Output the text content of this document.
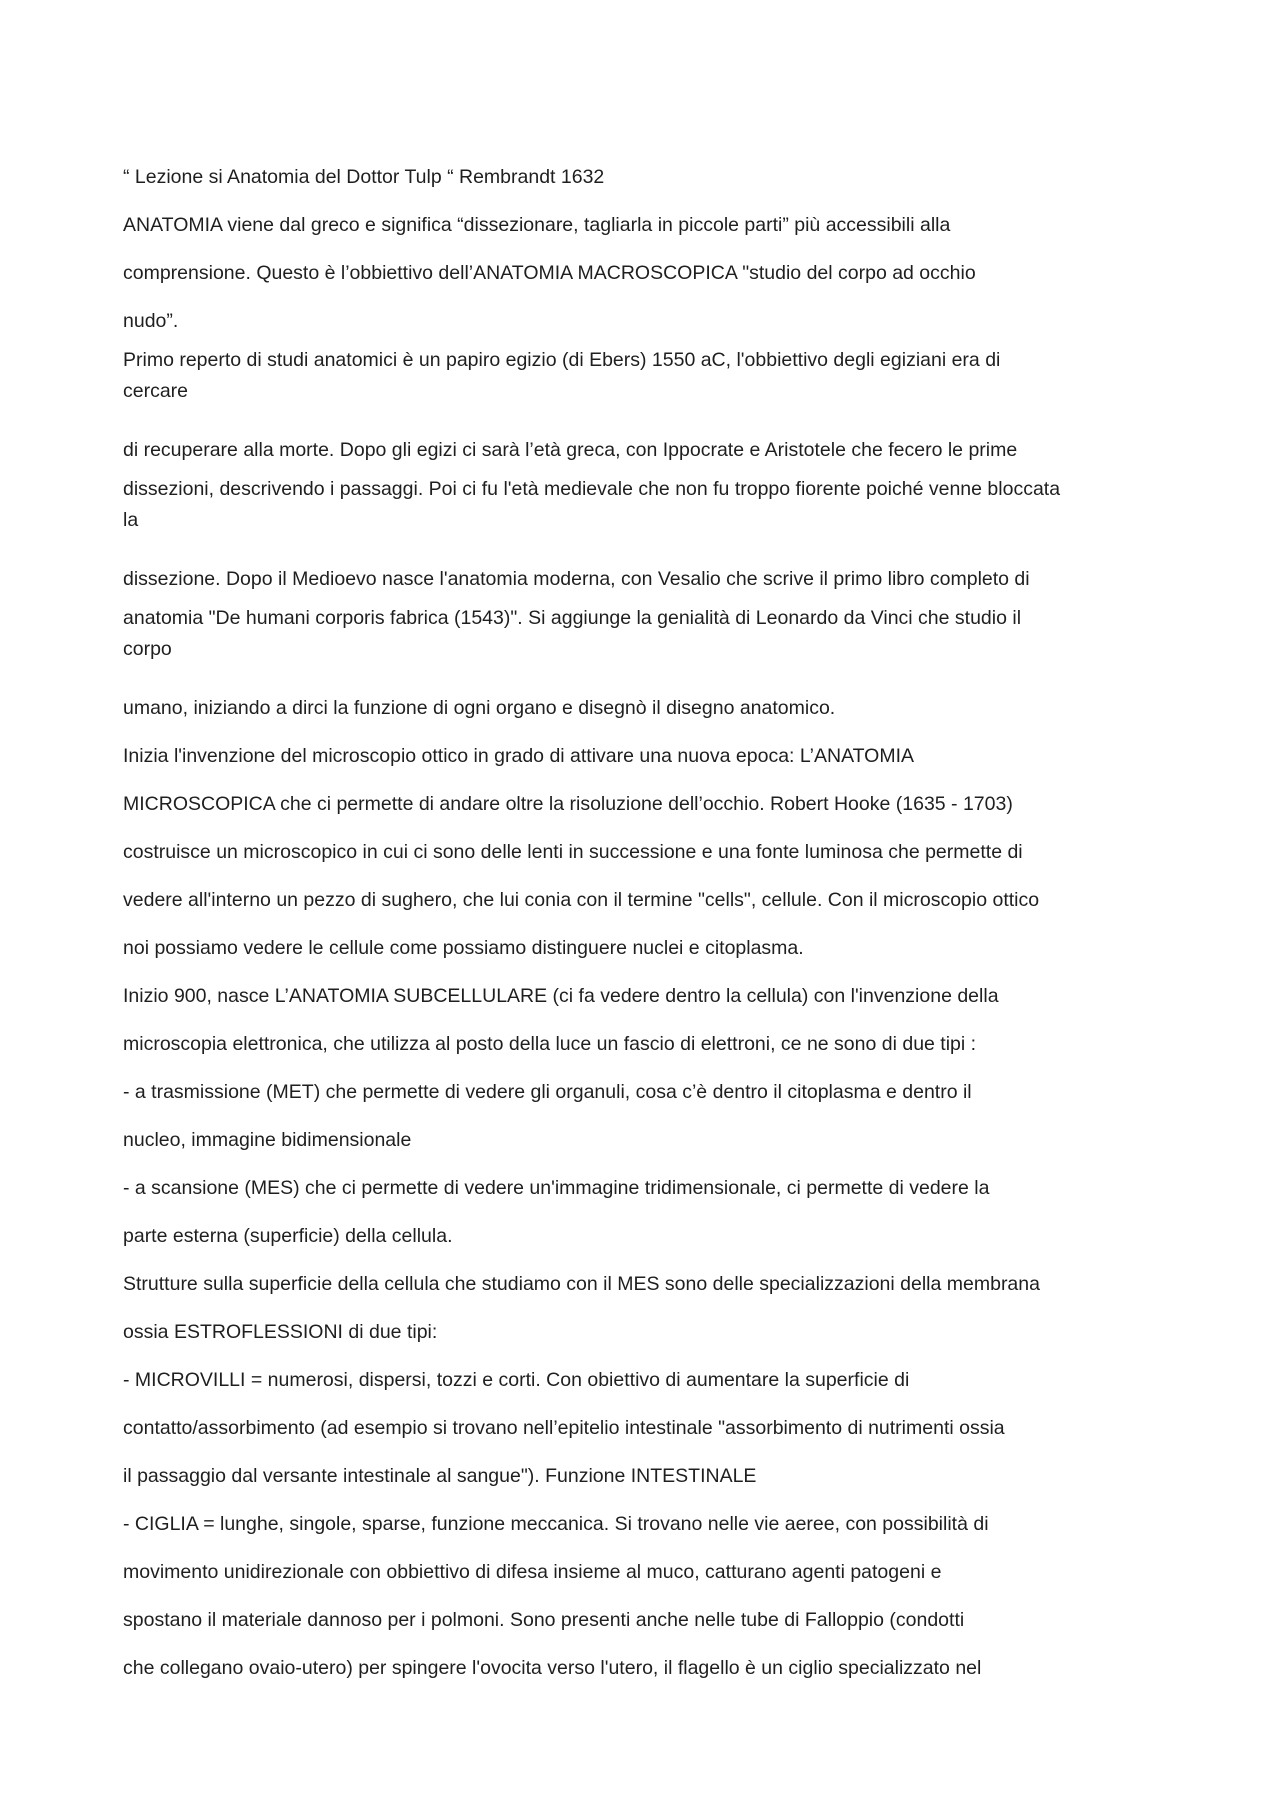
“ Lezione si Anatomia del Dottor Tulp “ Rembrandt 1632

ANATOMIA viene dal greco e significa “dissezionare, tagliarla in piccole parti” più accessibili alla

comprensione. Questo è l’obbiettivo dell’ANATOMIA MACROSCOPICA "studio del corpo ad occhio

nudo”.

Primo reperto di studi anatomici è un papiro egizio (di Ebers) 1550 aC, l'obbiettivo degli egiziani era di

cercare

di recuperare alla morte. Dopo gli egizi ci sarà l’età greca, con Ippocrate e Aristotele che fecero le prime

dissezioni, descrivendo i passaggi. Poi ci fu l'età medievale che non fu troppo fiorente poiché venne bloccata

la

dissezione. Dopo il Medioevo nasce l'anatomia moderna, con Vesalio che scrive il primo libro completo di

anatomia "De humani corporis fabrica (1543)". Si aggiunge la genialità di Leonardo da Vinci che studio il

corpo

umano, iniziando a dirci la funzione di ogni organo e disegnò il disegno anatomico.

Inizia l'invenzione del microscopio ottico in grado di attivare una nuova epoca: L’ANATOMIA

MICROSCOPICA che ci permette di andare oltre la risoluzione dell’occhio. Robert Hooke (1635 - 1703)

costruisce un microscopico in cui ci sono delle lenti in successione e una fonte luminosa che permette di

vedere all'interno un pezzo di sughero, che lui conia con il termine "cells", cellule. Con il microscopio ottico

noi possiamo vedere le cellule come possiamo distinguere nuclei e citoplasma.

Inizio 900, nasce L’ANATOMIA SUBCELLULARE (ci fa vedere dentro la cellula) con l'invenzione della

microscopia elettronica, che utilizza al posto della luce un fascio di elettroni, ce ne sono di due tipi :

- a trasmissione (MET) che permette di vedere gli organuli, cosa c’è dentro il citoplasma e dentro il

nucleo, immagine bidimensionale

- a scansione (MES) che ci permette di vedere un'immagine tridimensionale, ci permette di vedere la

parte esterna (superficie) della cellula.

Strutture sulla superficie della cellula che studiamo con il MES sono delle specializzazioni della membrana

ossia ESTROFLESSIONI di due tipi:

- MICROVILLI = numerosi, dispersi, tozzi e corti. Con obiettivo di aumentare la superficie di

contatto/assorbimento (ad esempio si trovano nell’epitelio intestinale "assorbimento di nutrimenti ossia

il passaggio dal versante intestinale al sangue"). Funzione INTESTINALE

- CIGLIA = lunghe, singole, sparse, funzione meccanica. Si trovano nelle vie aeree, con possibilità di

movimento unidirezionale con obbiettivo di difesa insieme al muco, catturano agenti patogeni e

spostano il materiale dannoso per i polmoni. Sono presenti anche nelle tube di Falloppio (condotti

che collegano ovaio-utero) per spingere l'ovocita verso l'utero, il flagello è un ciglio specializzato nel
